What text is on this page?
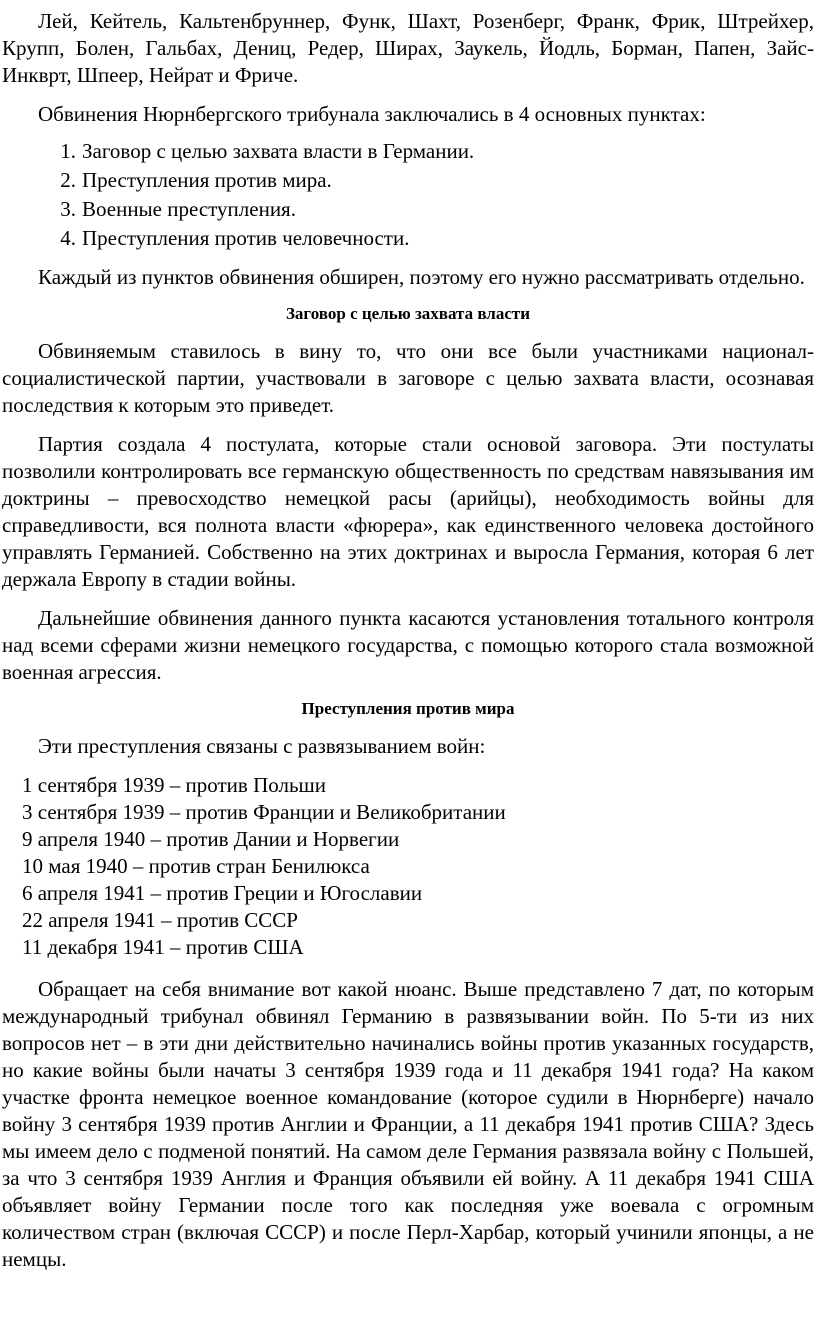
Лей, Кейтель, Кальтенбруннер, Функ, Шахт, Розенберг, Франк, Фрик, Штрейхер, Крупп, Болен, Гальбах, Дениц, Редер, Ширах, Заукель, Йодль, Борман, Папен, Зайс-Инкврт, Шпеер, Нейрат и Фриче.

Обвинения Нюрнбергского трибунала заключались в 4 основных пунктах:

1. Заговор с целью захвата власти в Германии.
2. Преступления против мира.
3. Военные преступления.
4. Преступления против человечности.

Каждый из пунктов обвинения обширен, поэтому его нужно рассматривать отдельно.

Заговор с целью захвата власти

Обвиняемым ставилось в вину то, что они все были участниками национал-социалистической партии, участвовали в заговоре с целью захвата власти, осознавая последствия к которым это приведет.

Партия создала 4 постулата, которые стали основой заговора. Эти постулаты позволили контролировать все германскую общественность по средствам навязывания им доктрины – превосходство немецкой расы (арийцы), необходимость войны для справедливости, вся полнота власти «фюрера», как единственного человека достойного управлять Германией. Собственно на этих доктринах и выросла Германия, которая 6 лет держала Европу в стадии войны.

Дальнейшие обвинения данного пункта касаются установления тотального контроля над всеми сферами жизни немецкого государства, с помощью которого стала возможной военная агрессия.

Преступления против мира

Эти преступления связаны с развязыванием войн:

1 сентября 1939 – против Польши
3 сентября 1939 – против Франции и Великобритании
9 апреля 1940 – против Дании и Норвегии
10 мая 1940 – против стран Бенилюкса
6 апреля 1941 – против Греции и Югославии
22 апреля 1941 – против СССР
11 декабря 1941 – против США

Обращает на себя внимание вот какой нюанс. Выше представлено 7 дат, по которым международный трибунал обвинял Германию в развязывании войн. По 5-ти из них вопросов нет – в эти дни действительно начинались войны против указанных государств, но какие войны были начаты 3 сентября 1939 года и 11 декабря 1941 года? На каком участке фронта немецкое военное командование (которое судили в Нюрнберге) начало войну 3 сентября 1939 против Англии и Франции, а 11 декабря 1941 против США? Здесь мы имеем дело с подменой понятий. На самом деле Германия развязала войну с Польшей, за что 3 сентября 1939 Англия и Франция объявили ей войну. А 11 декабря 1941 США объявляет войну Германии после того как последняя уже воевала с огромным количеством стран (включая СССР) и после Перл-Харбар, который учинили японцы, а не немцы.
